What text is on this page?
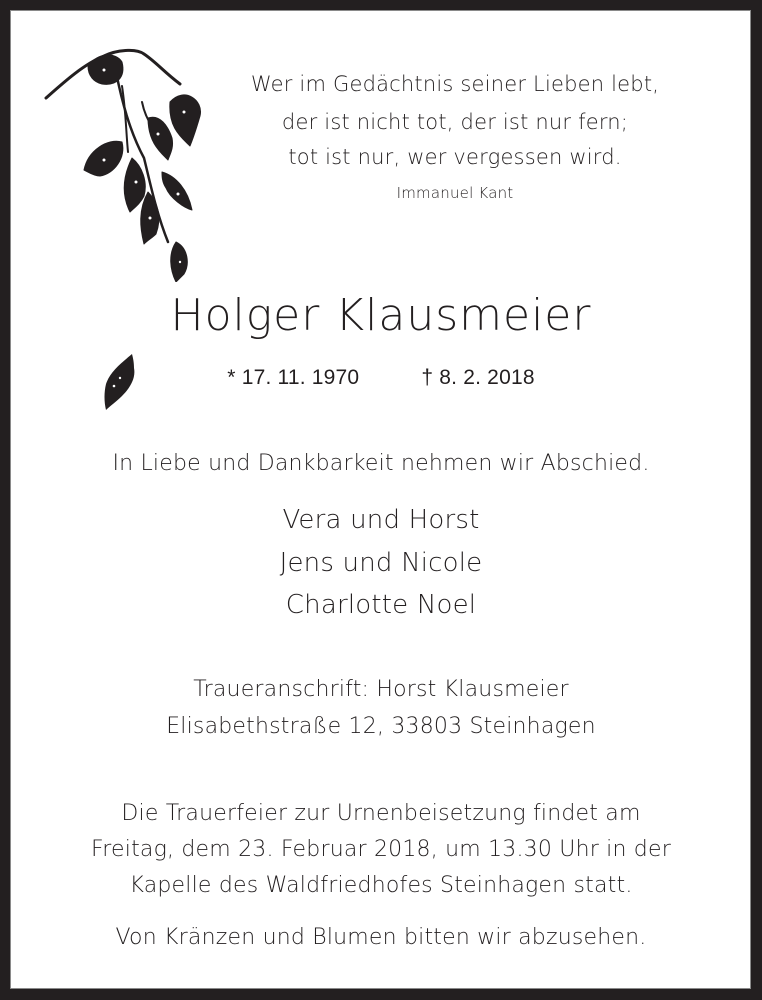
Wer im Gedächtnis seiner Lieben lebt,
der ist nicht tot, der ist nur fern;
tot ist nur, wer vergessen wird.
Immanuel Kant
Holger Klausmeier
* 17. 11. 1970	† 8. 2. 2018
In Liebe und Dankbarkeit nehmen wir Abschied.
Vera und Horst
Jens und Nicole
Charlotte Noel
Traueranschrift: Horst Klausmeier
Elisabethstraße 12, 33803 Steinhagen
Die Trauerfeier zur Urnenbeisetzung findet am
Freitag, dem 23. Februar 2018, um 13.30 Uhr in der
Kapelle des Waldfriedhofes Steinhagen statt.
Von Kränzen und Blumen bitten wir abzusehen.
